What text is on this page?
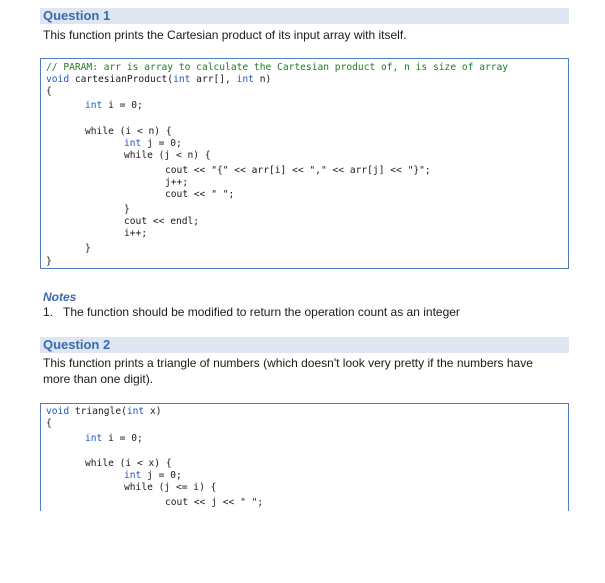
Question 1
This function prints the Cartesian product of its input array with itself.
// PARAM: arr is array to calculate the Cartesian product of, n is size of array
void cartesianProduct(int arr[], int n)
{
int i = 0;
while (i < n) {
int j = 0;
while (j < n) {
cout << "{" << arr[i] << "," << arr[j] << "}";
j++;
cout << " ";
}
cout << endl;
i++;
}
}
Notes
1. The function should be modified to return the operation count as an integer
Question 2
This function prints a triangle of numbers (which doesn't look very pretty if the numbers have
more than one digit).
void triangle(int x)
{
int i = 0;
while (i < x) {
int j = 0;
while (j <= i) {
cout << j << " ";
